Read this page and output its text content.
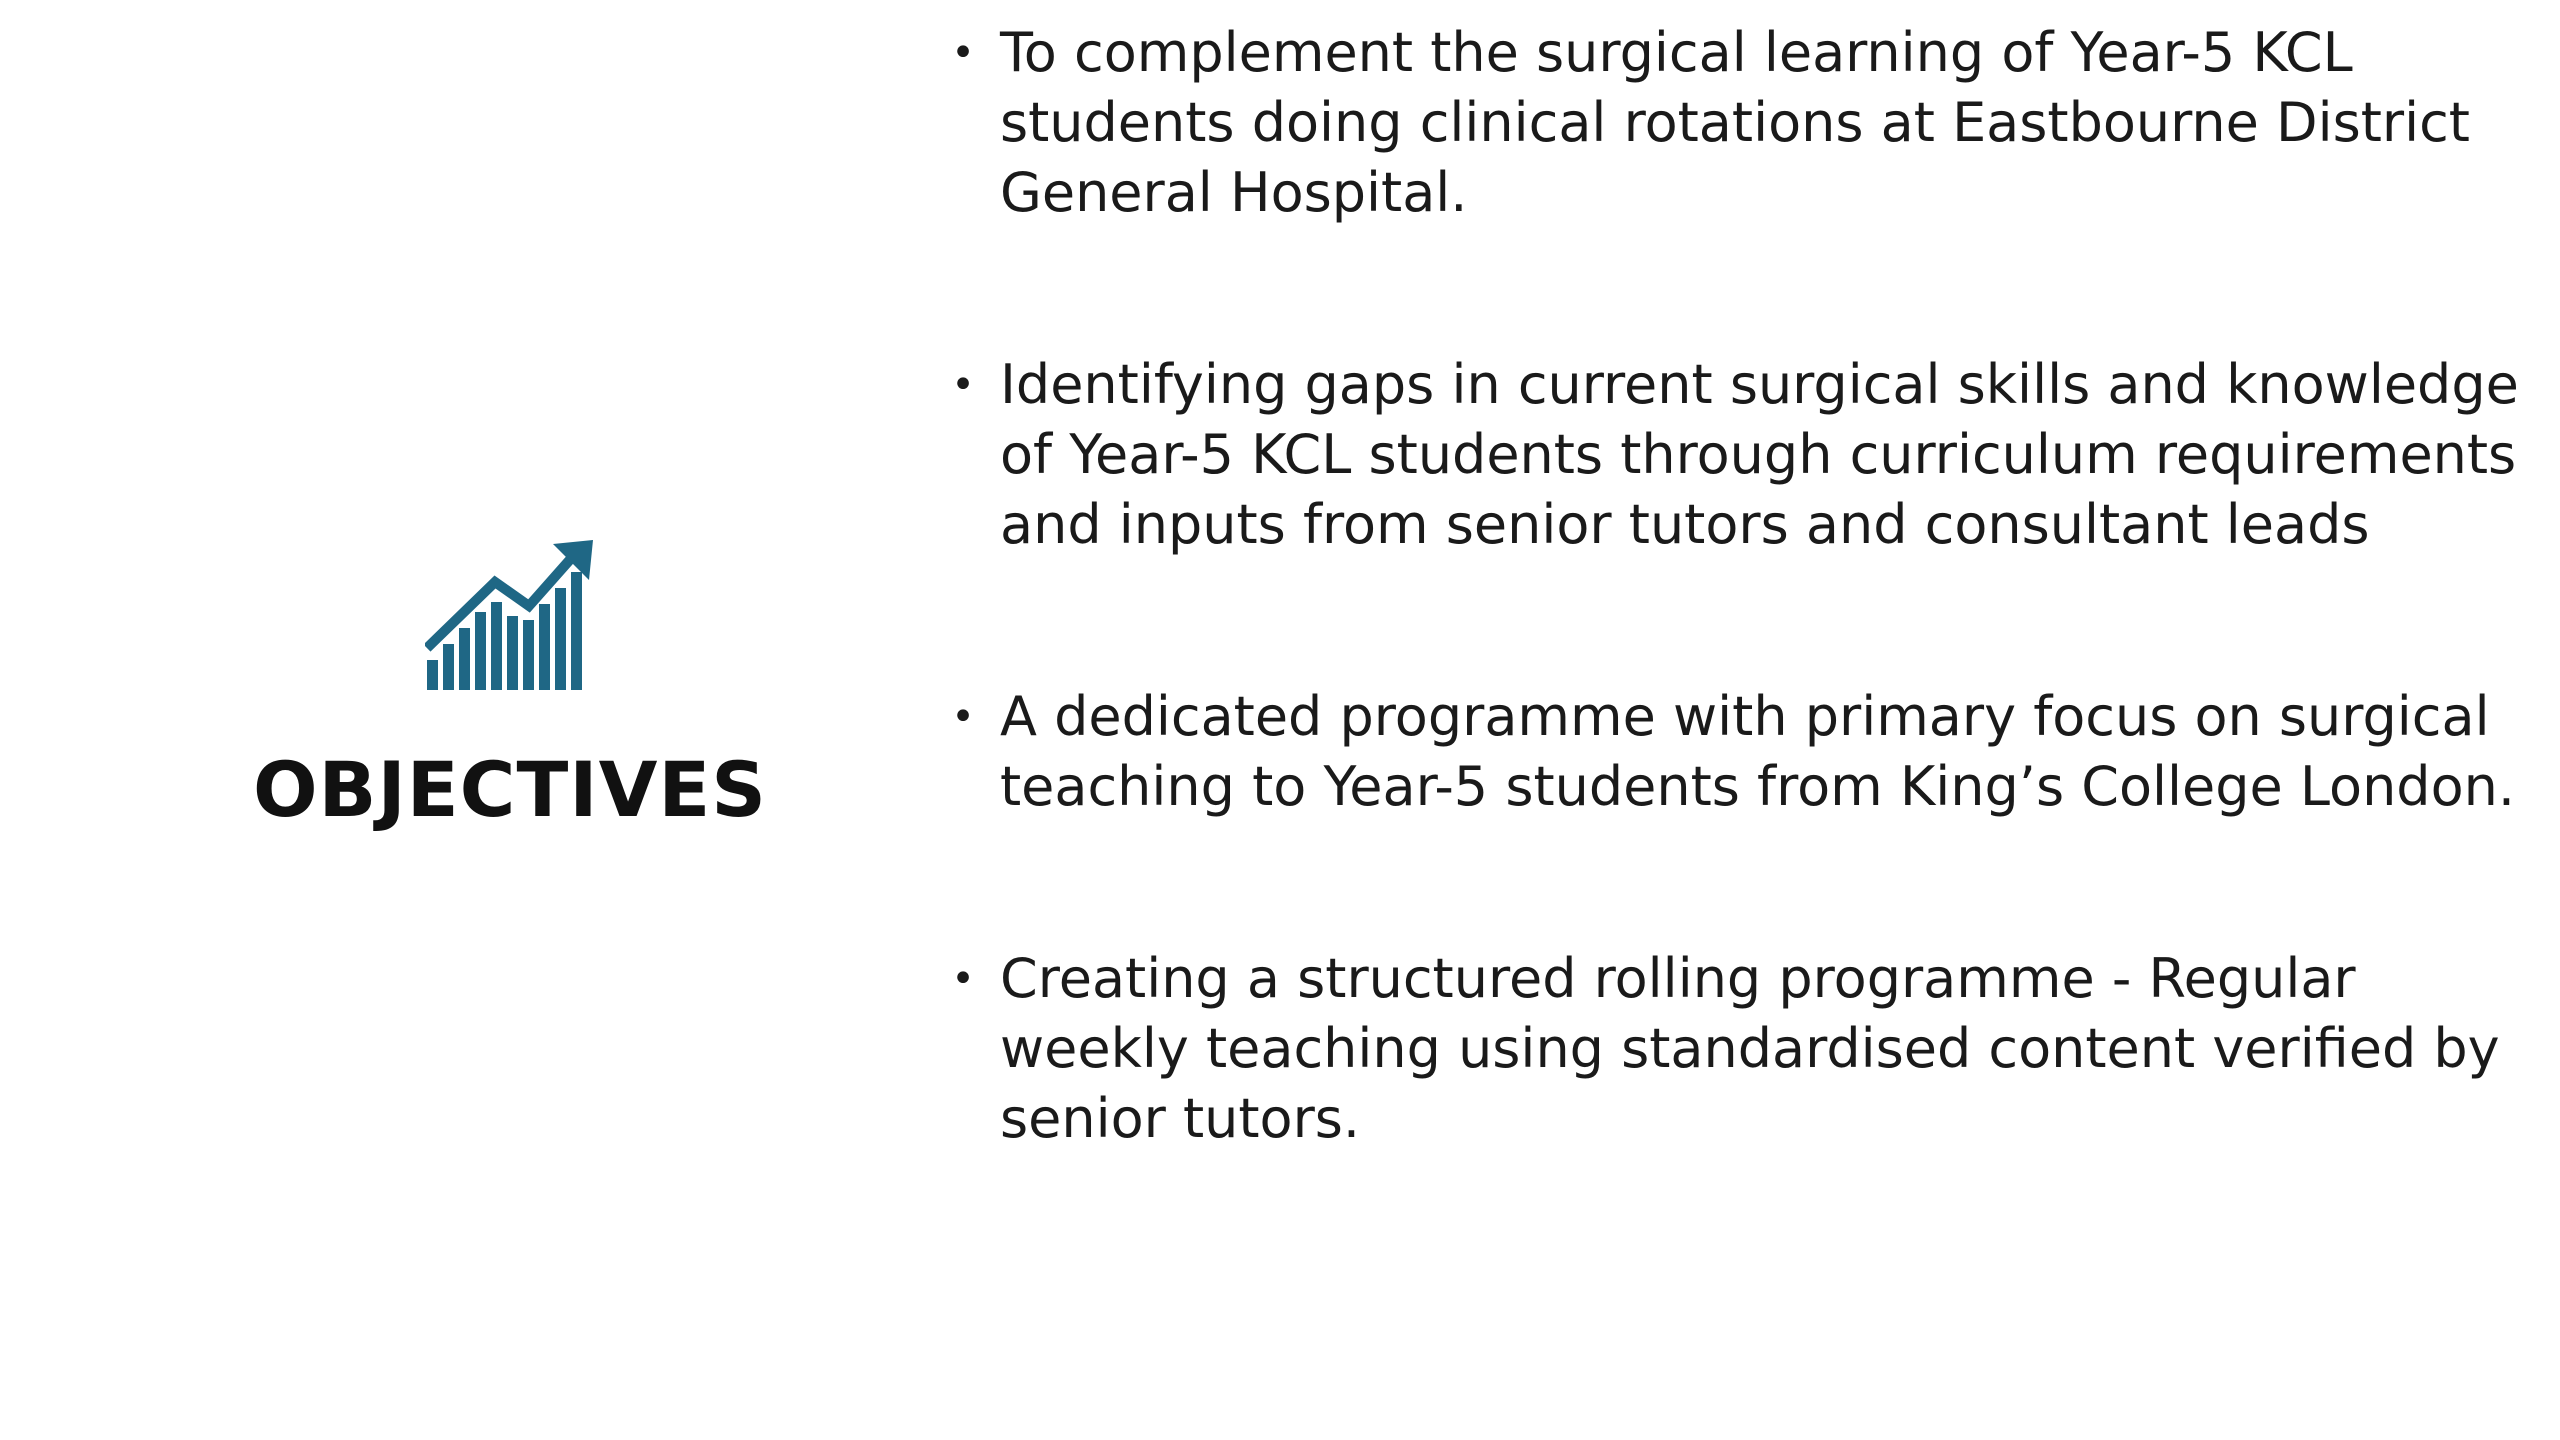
OBJECTIVES
• To complement the surgical learning of Year-5 KCL students doing clinical rotations at Eastbourne District General Hospital.
• Identifying gaps in current surgical skills and knowledge of Year-5 KCL students through curriculum requirements and inputs from senior tutors and consultant leads
• A dedicated programme with primary focus on surgical teaching to Year-5 students from King’s College London.
• Creating a structured rolling programme - Regular weekly teaching using standardised content verified by senior tutors.
